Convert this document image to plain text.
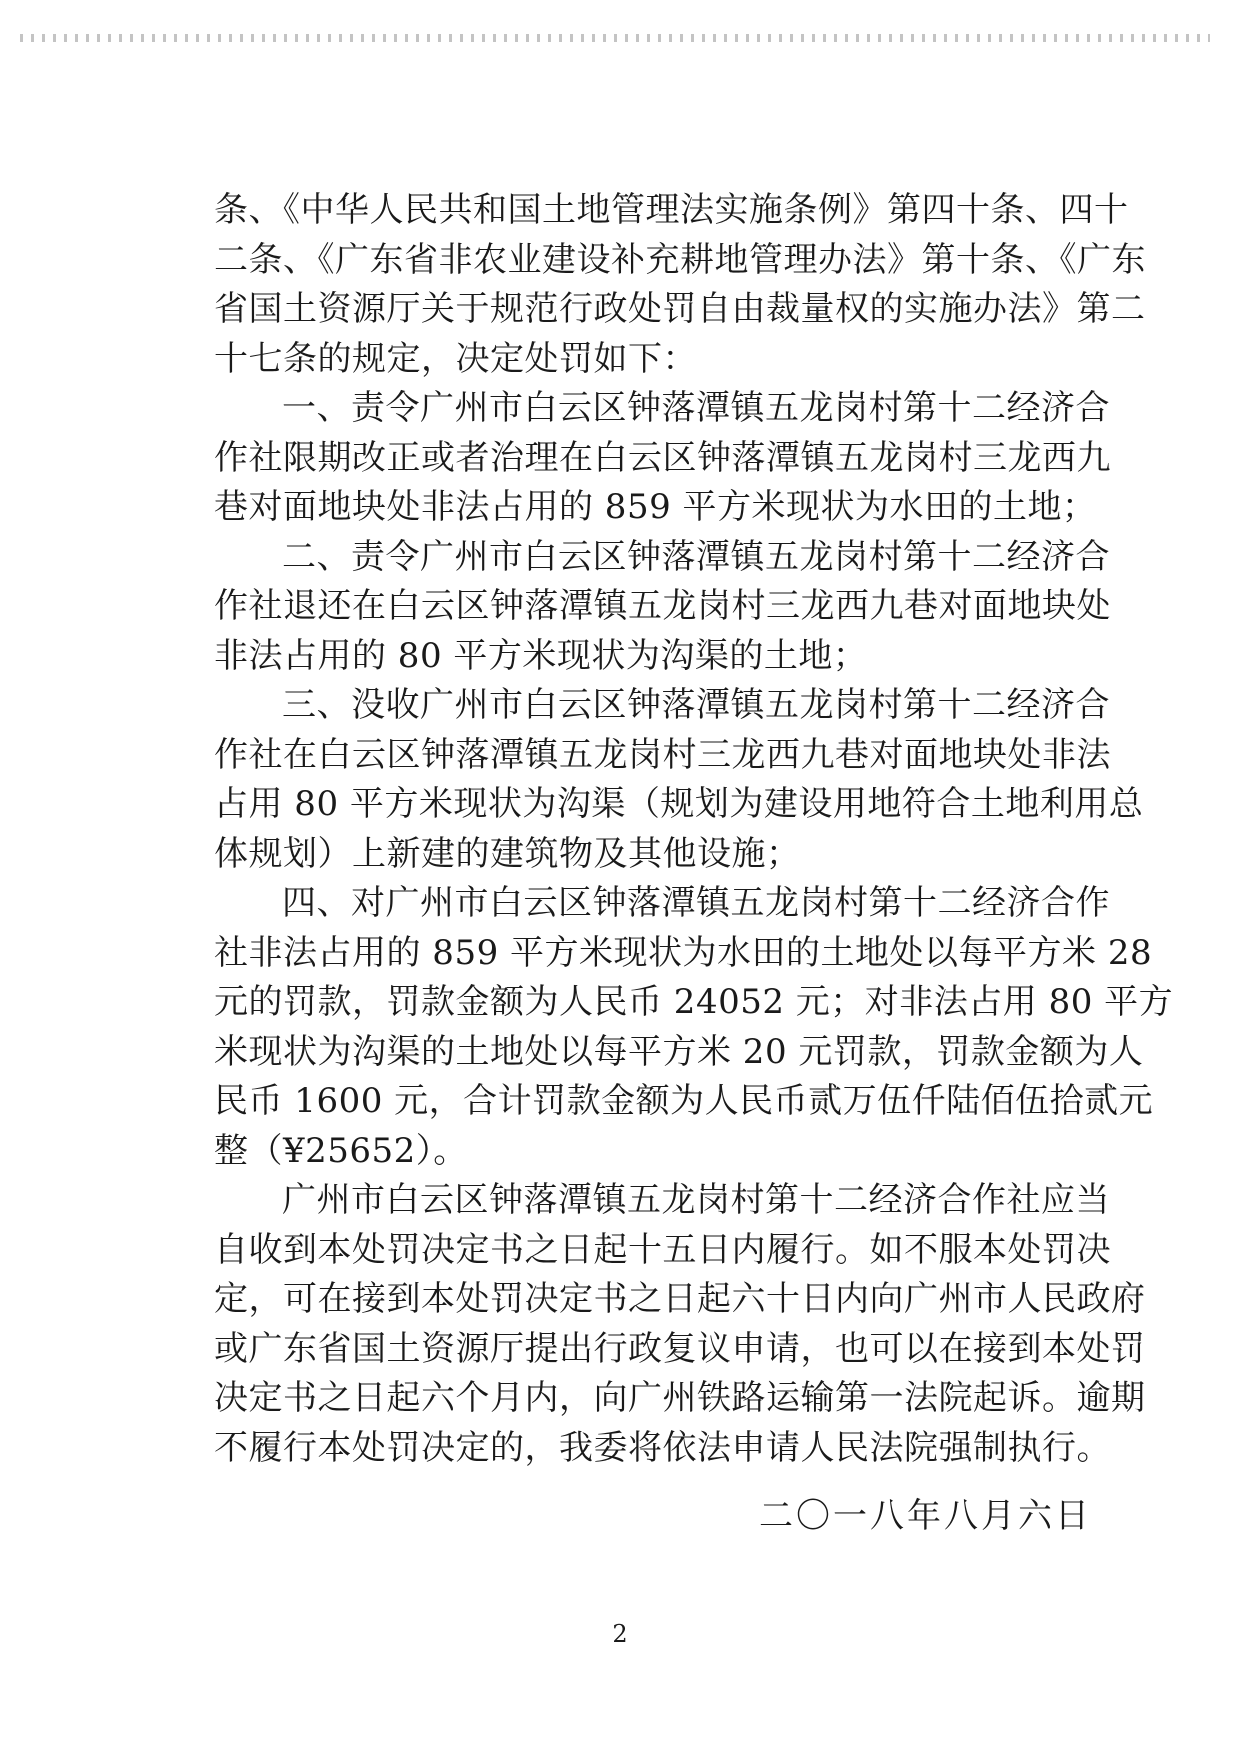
条、《中华人民共和国土地管理法实施条例》第四十条、四十

二条、《广东省非农业建设补充耕地管理办法》第十条、《广东

省国土资源厅关于规范行政处罚自由裁量权的实施办法》第二

十七条的规定，决定处罚如下：

一、责令广州市白云区钟落潭镇五龙岗村第十二经济合

作社限期改正或者治理在白云区钟落潭镇五龙岗村三龙西九

巷对面地块处非法占用的 859 平方米现状为水田的土地；

二、责令广州市白云区钟落潭镇五龙岗村第十二经济合

作社退还在白云区钟落潭镇五龙岗村三龙西九巷对面地块处

非法占用的 80 平方米现状为沟渠的土地；

三、没收广州市白云区钟落潭镇五龙岗村第十二经济合

作社在白云区钟落潭镇五龙岗村三龙西九巷对面地块处非法

占用 80 平方米现状为沟渠（规划为建设用地符合土地利用总

体规划）上新建的建筑物及其他设施；

四、对广州市白云区钟落潭镇五龙岗村第十二经济合作

社非法占用的 859 平方米现状为水田的土地处以每平方米 28

元的罚款，罚款金额为人民币 24052 元；对非法占用 80 平方

米现状为沟渠的土地处以每平方米 20 元罚款，罚款金额为人

民币 1600 元，合计罚款金额为人民币贰万伍仟陆佰伍拾贰元

整（¥25652）。

广州市白云区钟落潭镇五龙岗村第十二经济合作社应当

自收到本处罚决定书之日起十五日内履行。如不服本处罚决

定，可在接到本处罚决定书之日起六十日内向广州市人民政府

或广东省国土资源厅提出行政复议申请，也可以在接到本处罚

决定书之日起六个月内，向广州铁路运输第一法院起诉。逾期

不履行本处罚决定的，我委将依法申请人民法院强制执行。

二〇一八年八月六日
2
